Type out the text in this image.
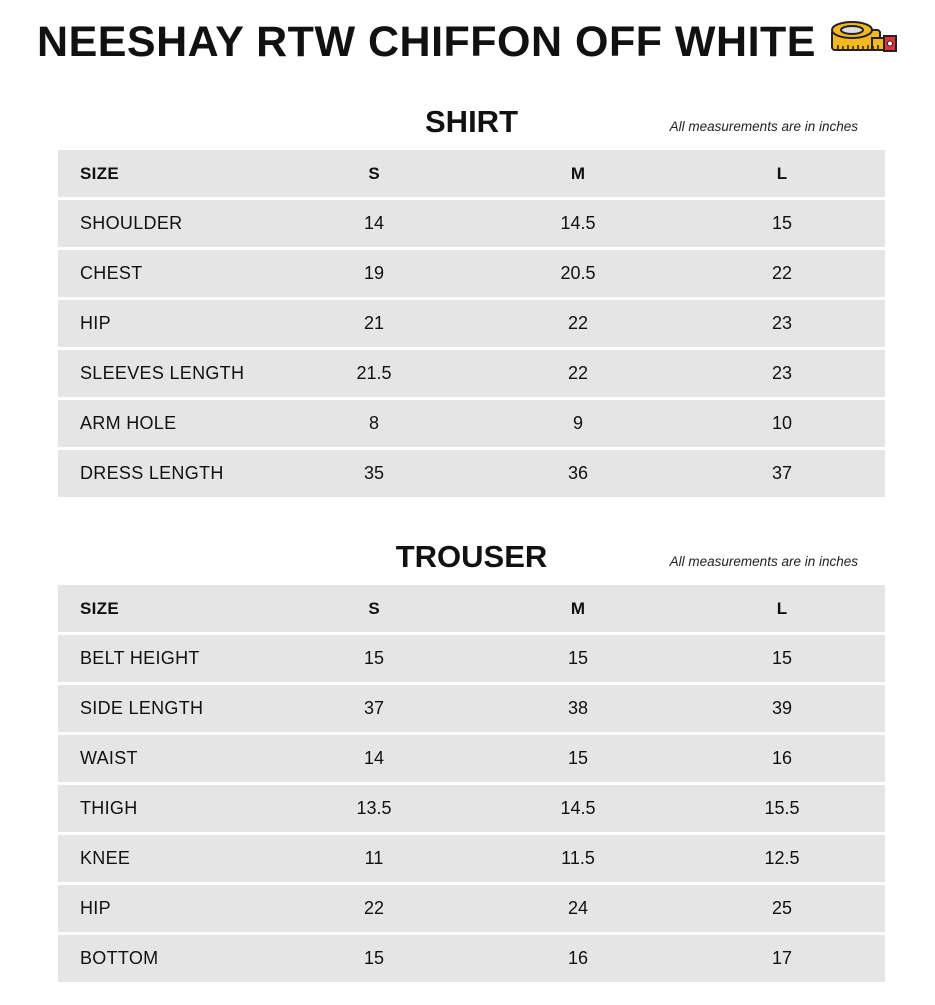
NEESHAY RTW CHIFFON OFF WHITE
SHIRT	All measurements are in inches
SIZE	S	M	L
SHOULDER	14	14.5	15
CHEST	19	20.5	22
HIP	21	22	23
SLEEVES LENGTH	21.5	22	23
ARM HOLE	8	9	10
DRESS LENGTH	35	36	37
TROUSER	All measurements are in inches
SIZE	S	M	L
BELT HEIGHT	15	15	15
SIDE LENGTH	37	38	39
WAIST	14	15	16
THIGH	13.5	14.5	15.5
KNEE	11	11.5	12.5
HIP	22	24	25
BOTTOM	15	16	17
